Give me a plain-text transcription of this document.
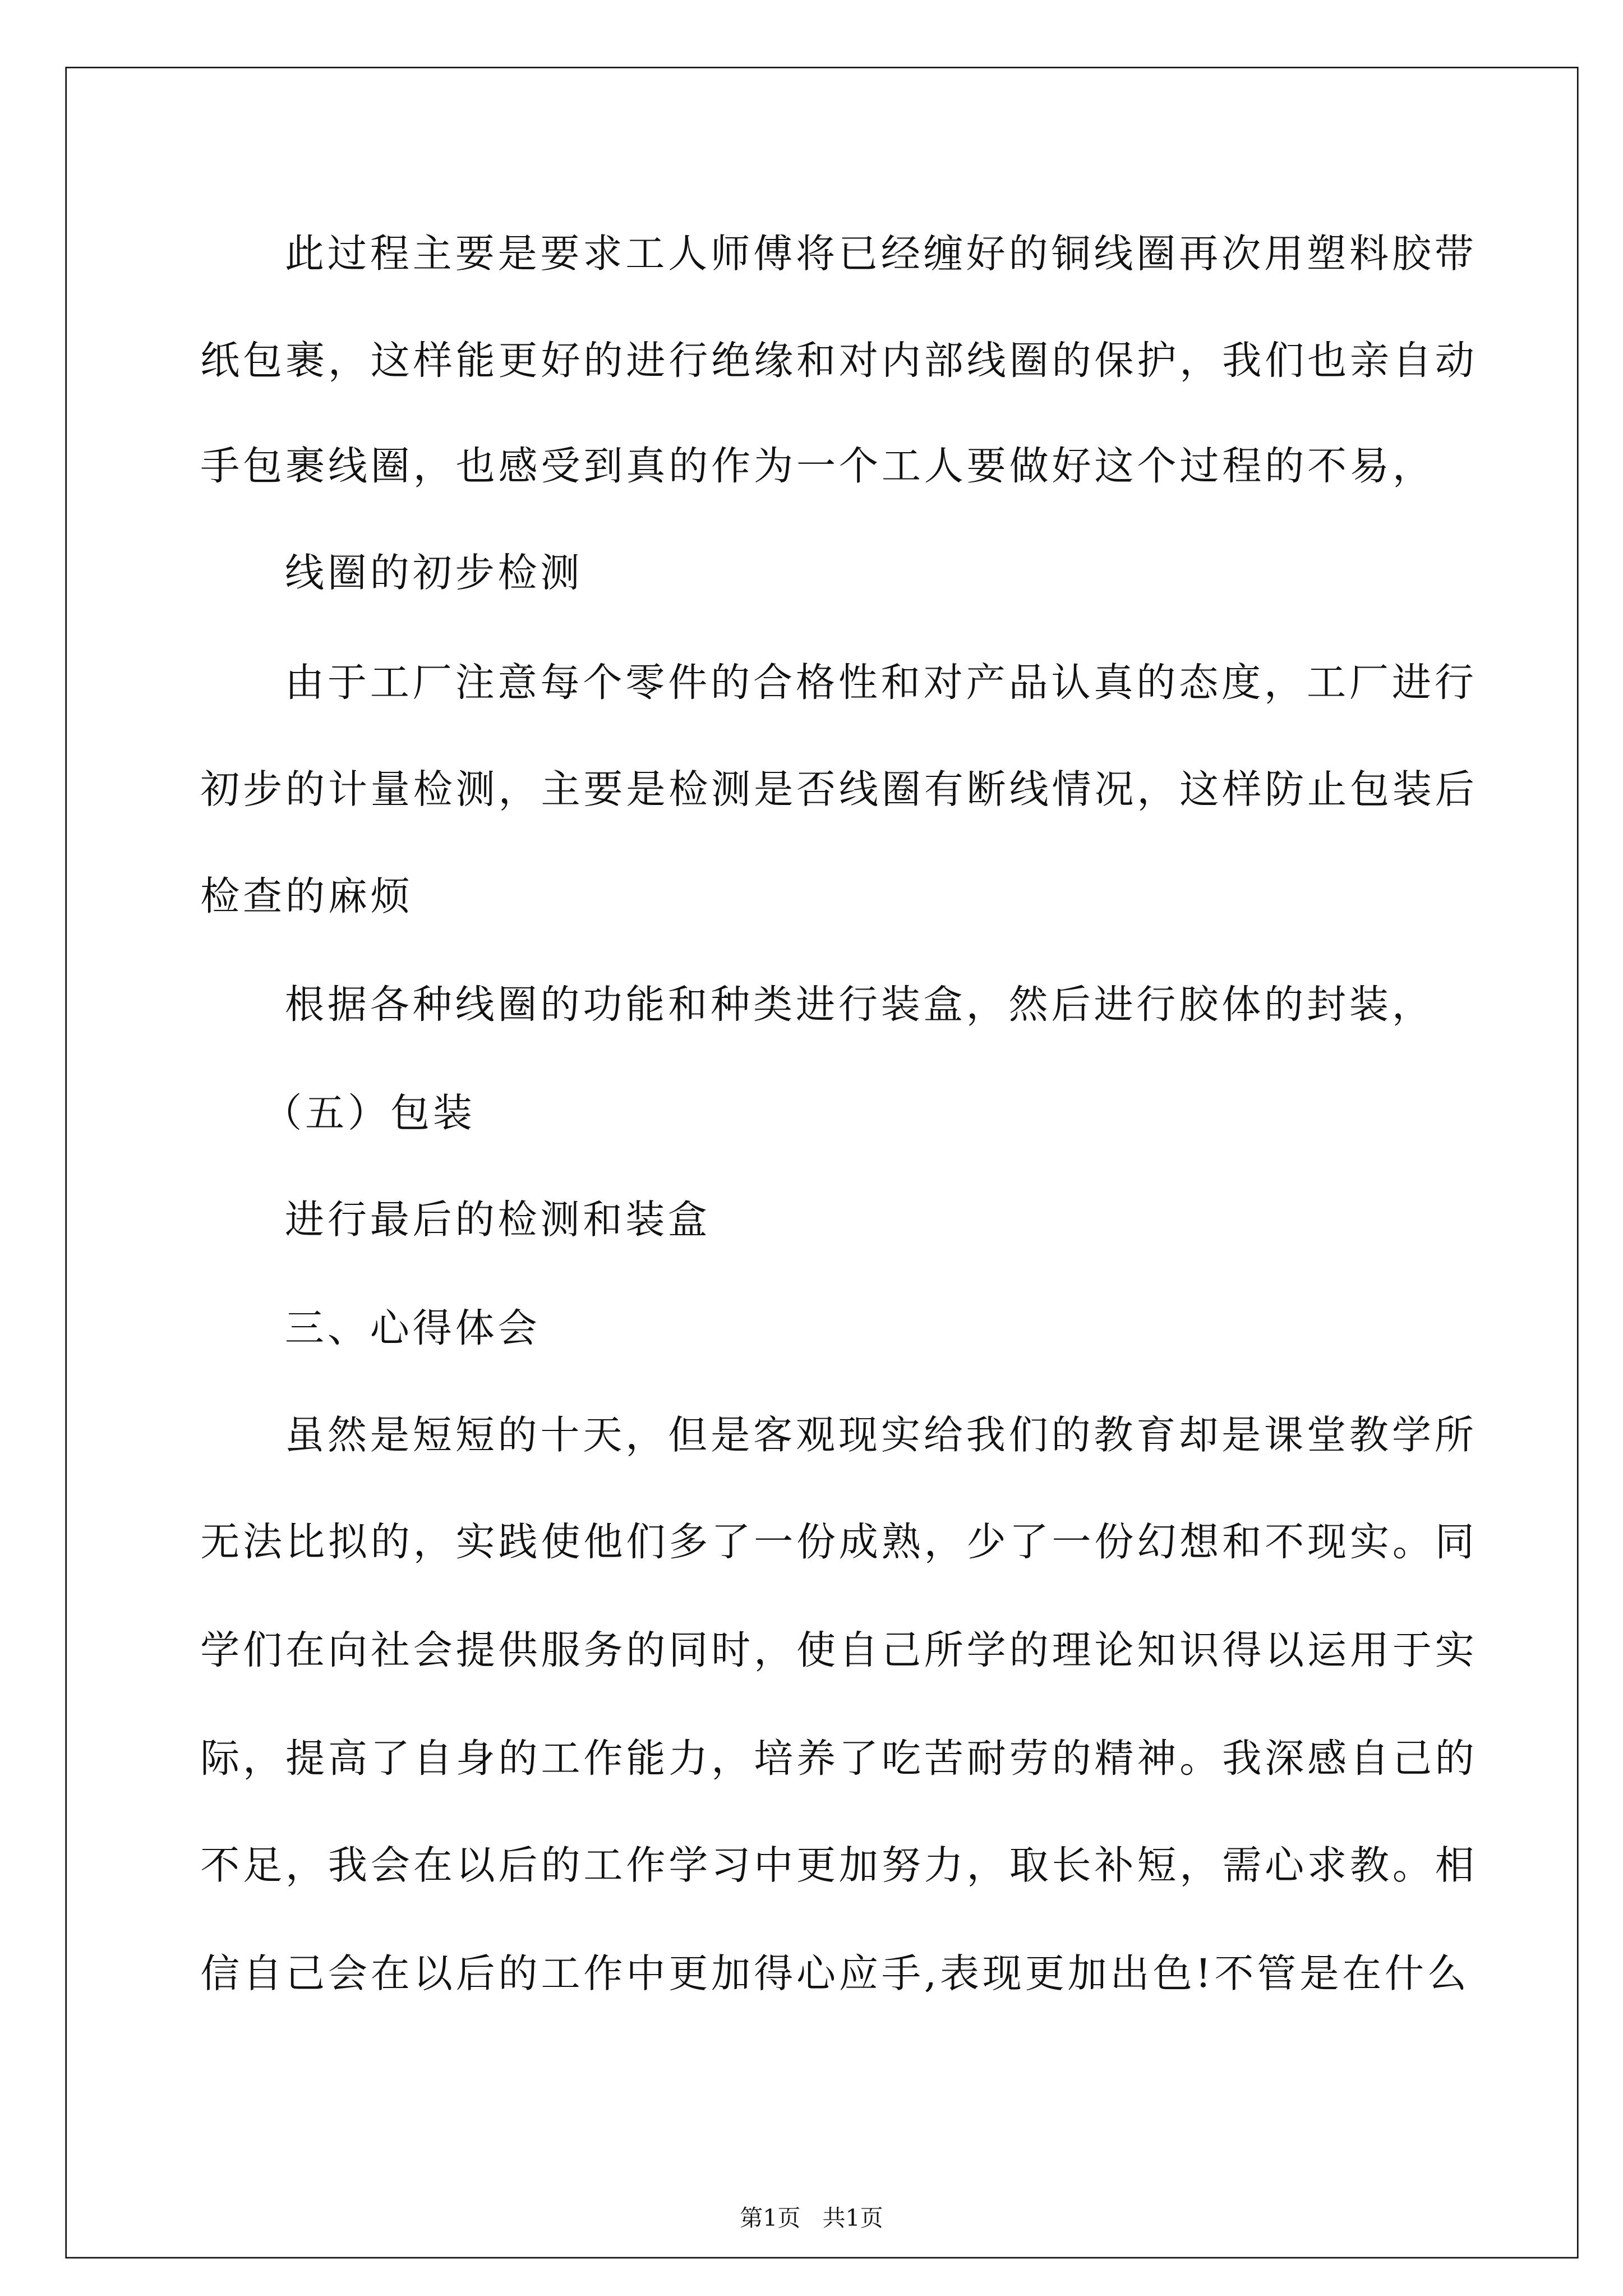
此过程主要是要求工人师傅将已经缠好的铜线圈再次用塑料胶带
纸包裹，这样能更好的进行绝缘和对内部线圈的保护，我们也亲自动
手包裹线圈，也感受到真的作为一个工人要做好这个过程的不易，
线圈的初步检测
由于工厂注意每个零件的合格性和对产品认真的态度，工厂进行
初步的计量检测，主要是检测是否线圈有断线情况，这样防止包装后
检查的麻烦
根据各种线圈的功能和种类进行装盒，然后进行胶体的封装，
（五）包装
进行最后的检测和装盒
三、心得体会
虽然是短短的十天，但是客观现实给我们的教育却是课堂教学所
无法比拟的，实践使他们多了一份成熟，少了一份幻想和不现实。同
学们在向社会提供服务的同时，使自己所学的理论知识得以运用于实
际，提高了自身的工作能力，培养了吃苦耐劳的精神。我深感自己的
不足，我会在以后的工作学习中更加努力，取长补短，需心求教。相
信自己会在以后的工作中更加得心应手,表现更加出色!不管是在什么
第1页   共1页
